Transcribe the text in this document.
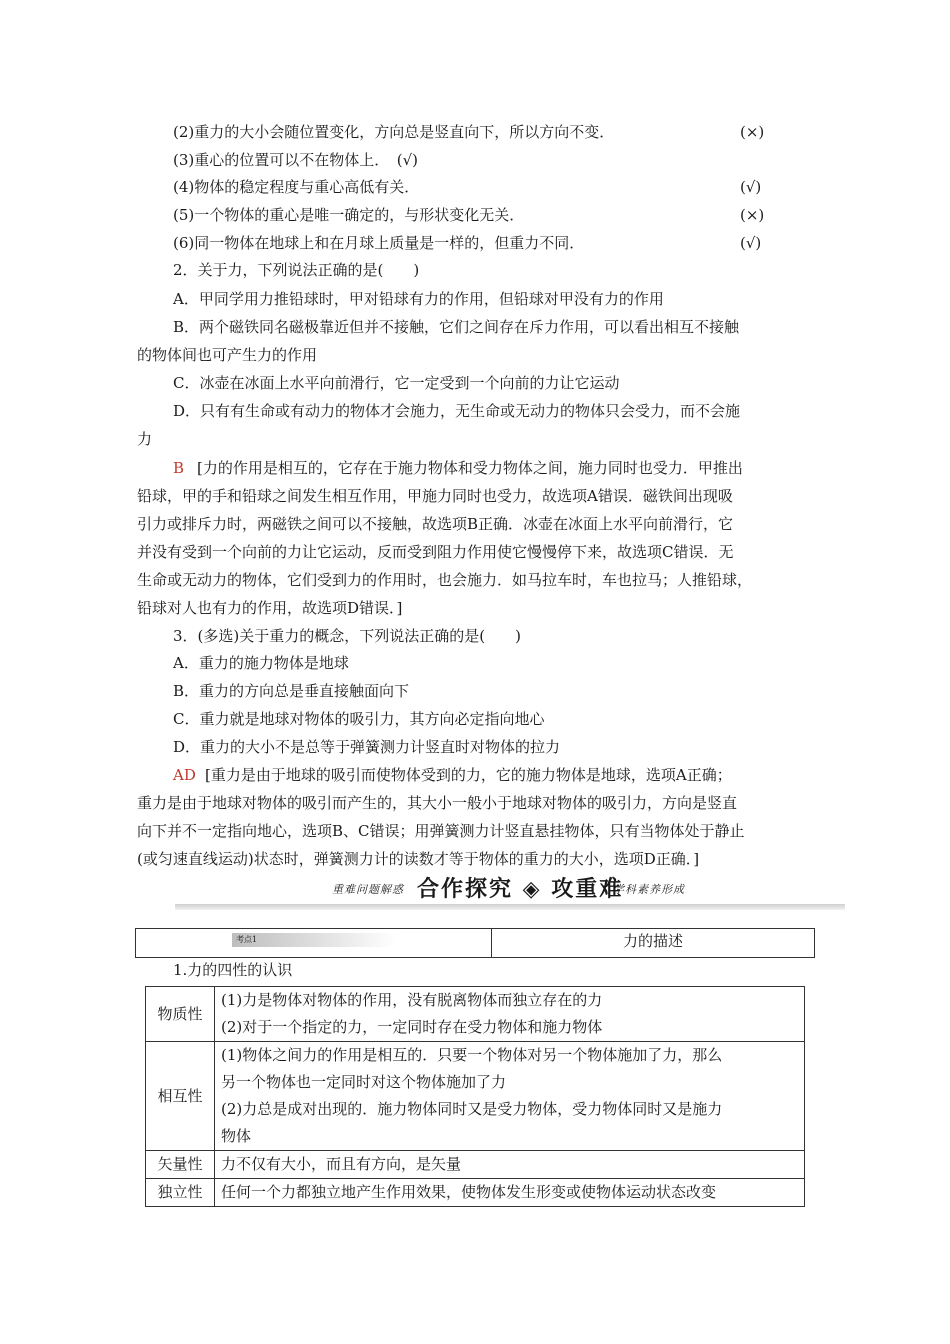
(2)重力的大小会随位置变化，方向总是竖直向下，所以方向不变．	(×)
(3)重心的位置可以不在物体上．　(√)
(4)物体的稳定程度与重心高低有关．	(√)
(5)一个物体的重心是唯一确定的，与形状变化无关．	(×)
(6)同一物体在地球上和在月球上质量是一样的，但重力不同．	(√)
2．关于力，下列说法正确的是(　　)
A．甲同学用力推铅球时，甲对铅球有力的作用，但铅球对甲没有力的作用
B．两个磁铁同名磁极靠近但并不接触，它们之间存在斥力作用，可以看出相互不接触
的物体间也可产生力的作用
C．冰壶在冰面上水平向前滑行，它一定受到一个向前的力让它运动
D．只有有生命或有动力的物体才会施力，无生命或无动力的物体只会受力，而不会施
力
B [力的作用是相互的，它存在于施力物体和受力物体之间，施力同时也受力．甲推出
铅球，甲的手和铅球之间发生相互作用，甲施力同时也受力，故选项A错误．磁铁间出现吸
引力或排斥力时，两磁铁之间可以不接触，故选项B正确．冰壶在冰面上水平向前滑行，它
并没有受到一个向前的力让它运动，反而受到阻力作用使它慢慢停下来，故选项C错误．无
生命或无动力的物体，它们受到力的作用时，也会施力．如马拉车时，车也拉马；人推铅球，
铅球对人也有力的作用，故选项D错误．]
3．(多选)关于重力的概念，下列说法正确的是(　　)
A．重力的施力物体是地球
B．重力的方向总是垂直接触面向下
C．重力就是地球对物体的吸引力，其方向必定指向地心
D．重力的大小不是总等于弹簧测力计竖直时对物体的拉力
AD [重力是由于地球的吸引而使物体受到的力，它的施力物体是地球，选项A正确；
重力是由于地球对物体的吸引而产生的，其大小一般小于地球对物体的吸引力，方向是竖直
向下并不一定指向地心，选项B、C错误；用弹簧测力计竖直悬挂物体，只有当物体处于静止
(或匀速直线运动)状态时，弹簧测力计的读数才等于物体的重力的大小，选项D正确．]
重难问题解惑 合作探究 ◈ 攻重难
学科素养形成
考点1	力的描述
1.力的四性的认识
物质性	(1)力是物体对物体的作用，没有脱离物体而独立存在的力
(2)对于一个指定的力，一定同时存在受力物体和施力物体

相互性	(1)物体之间力的作用是相互的．只要一个物体对另一个物体施加了力，那么
另一个物体也一定同时对这个物体施加了力
(2)力总是成对出现的．施力物体同时又是受力物体，受力物体同时又是施力
物体

矢量性	力不仅有大小，而且有方向，是矢量

独立性	任何一个力都独立地产生作用效果，使物体发生形变或使物体运动状态改变
